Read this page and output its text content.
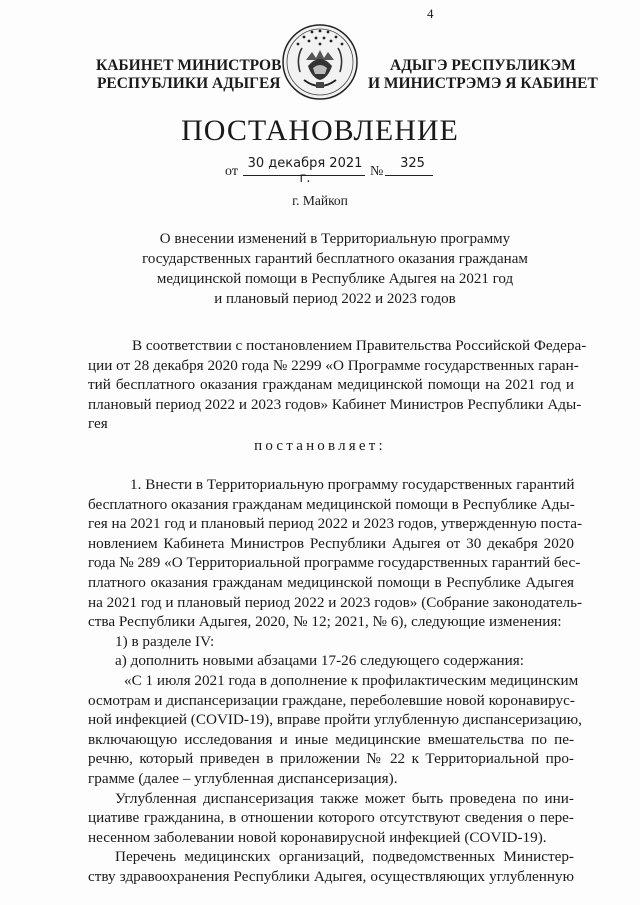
4
КАБИНЕТ МИНИСТРОВ
РЕСПУБЛИКИ АДЫГЕЯ
АДЫГЭ РЕСПУБЛИКЭМ
И МИНИСТРЭМЭ Я КАБИНЕТ
ПОСТАНОВЛЕНИЕ
от
30 декабря 2021 г.	№
325
г. Майкоп
О внесении изменений в Территориальную программу
государственных гарантий бесплатного оказания гражданам
медицинской помощи в Республике Адыгея на 2021 год
и плановый период 2022 и 2023 годов
В соответствии с постановлением Правительства Российской Федера-
ции от 28 декабря 2020 года № 2299 «О Программе государственных гаран-
тий бесплатного оказания гражданам медицинской помощи на 2021 год и
плановый период 2022 и 2023 годов» Кабинет Министров Республики Ады-
гея
постановляет:
1. Внести в Территориальную программу государственных гарантий
бесплатного оказания гражданам медицинской помощи в Республике Ады-
гея на 2021 год и плановый период 2022 и 2023 годов, утвержденную поста-
новлением Кабинета Министров Республики Адыгея от 30 декабря 2020
года № 289 «О Территориальной программе государственных гарантий бес-
платного оказания гражданам медицинской помощи в Республике Адыгея
на 2021 год и плановый период 2022 и 2023 годов» (Собрание законодатель-
ства Республики Адыгея, 2020, № 12; 2021, № 6), следующие изменения:
1) в разделе IV:
а) дополнить новыми абзацами 17-26 следующего содержания:
«С 1 июля 2021 года в дополнение к профилактическим медицинским
осмотрам и диспансеризации граждане, переболевшие новой коронавирус-
ной инфекцией (COVID-19), вправе пройти углубленную диспансеризацию,
включающую исследования и иные медицинские вмешательства по пе-
речню, который приведен в приложении № 22 к Территориальной про-
грамме (далее – углубленная диспансеризация).
Углубленная диспансеризация также может быть проведена по ини-
циативе гражданина, в отношении которого отсутствуют сведения о пере-
несенном заболевании новой коронавирусной инфекцией (COVID-19).
Перечень медицинских организаций, подведомственных Министер-
ству здравоохранения Республики Адыгея, осуществляющих углубленную
